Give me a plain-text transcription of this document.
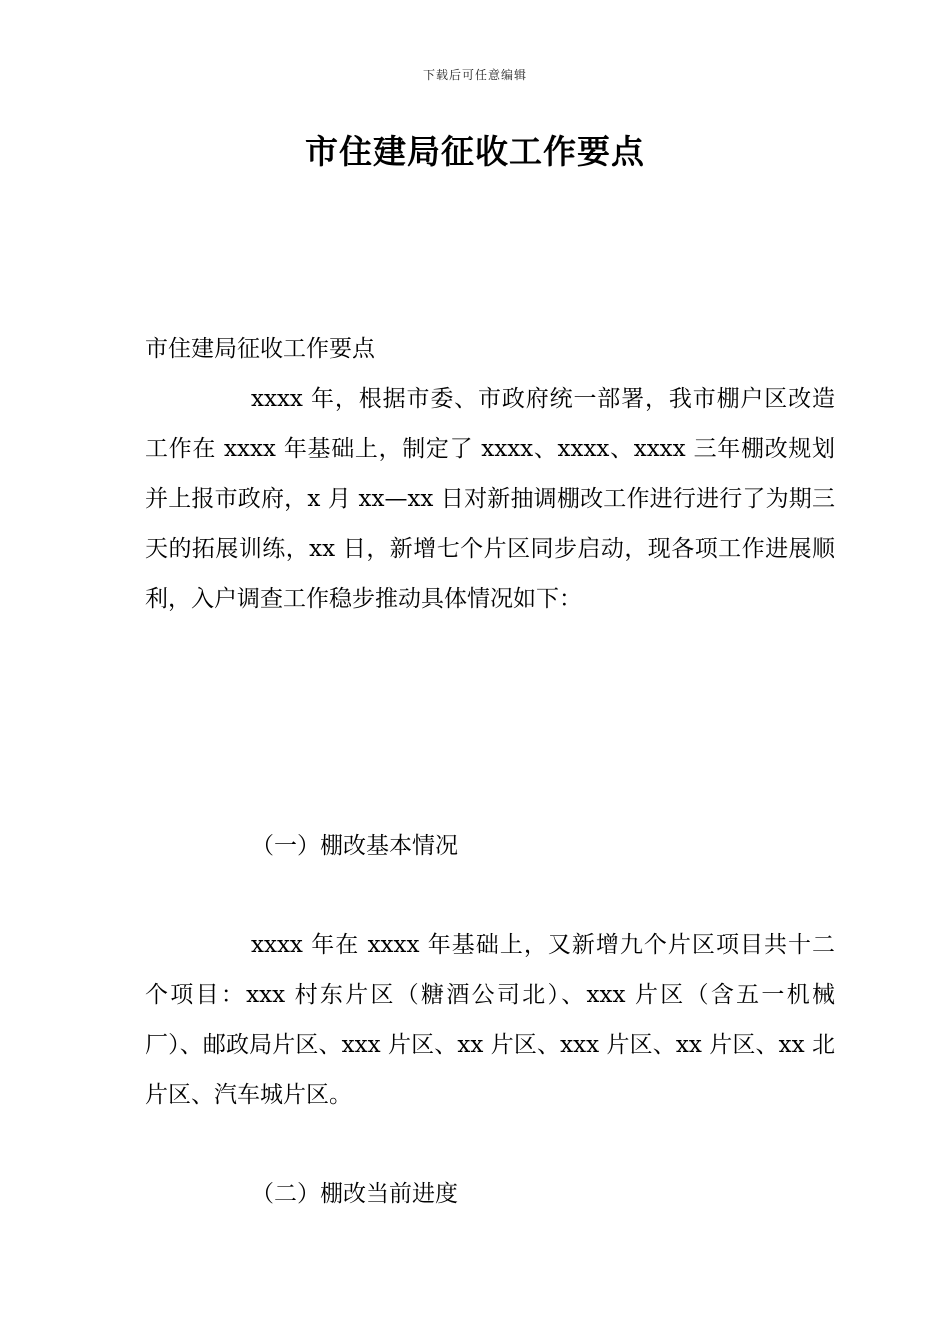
下载后可任意编辑
市住建局征收工作要点

市住建局征收工作要点

xxxx 年，根据市委、市政府统一部署，我市棚户区改造工作在 xxxx 年基础上，制定了 xxxx、xxxx、xxxx 三年棚改规划并上报市政府，x 月 xx—xx 日对新抽调棚改工作进行进行了为期三天的拓展训练，xx 日，新增七个片区同步启动，现各项工作进展顺利，入户调查工作稳步推动具体情况如下：

（一）棚改基本情况

xxxx 年在 xxxx 年基础上，又新增九个片区项目共十二个项目：xxx 村东片区（糖酒公司北）、xxx 片区（含五一机械厂）、邮政局片区、xxx 片区、xx 片区、xxx 片区、xx 片区、xx 北片区、汽车城片区。

（二）棚改当前进度
